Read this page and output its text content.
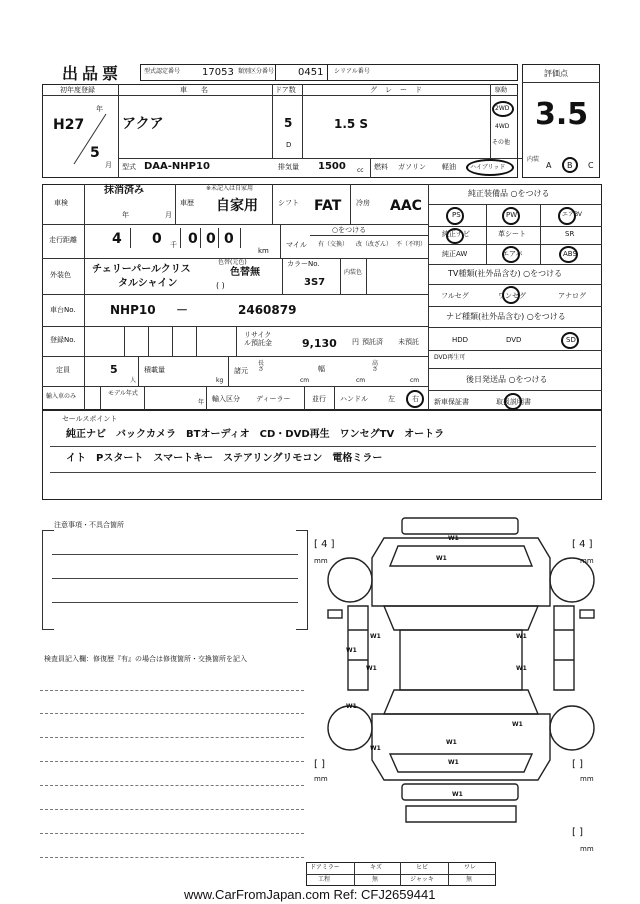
出品票	型式認定番号 17053 類別区分番号 0451 シリアル番号	評価点
3.5
初年度登録
年
H27
5
月
車名
アクア
ドア数
5
D
グレード
1.5 S
駆動
2WD
4WD
その他
型式 DAA-NHP10	排気量 1500 cc 燃料 ガソリン 軽油 ハイブリッド
内装
A B C
車検
抹消済み
年	月
車歴
※未記入は自家用
自家用	シフト FAT 冷房 AAC
走行距離	4 0 千 0 0 0
km
マイル
○をつける
有（交換） 改（改ざん） 不（不明）
外装色 チェリーパールクリス
タルシャイン
色替(元色)
色替無
( )
カラーNo.
3S7
内装色
車台No.	NHP10 －	2460879
登録No.
リサイクル預託金	9,130 円 預託済 未預託
定員	5
人
積載量
kg
諸元
長さ
cm
幅
cm
高さ
cm
輸入車のみ	モデル年式
年 輸入区分 ディーラー	並行 ハンドル	左 右
純正装備品 ○をつける
PS	PW	エアBV
純正ナビ	革シート	SR
純正AW	エアバ	ABS
TV種類(社外品含む) ○をつける
フルセグ	ワンセグ	アナログ
ナビ種類(社外品含む) ○をつける
HDD	DVD	SD
DVD再生可
後日発送品 ○をつける
新車保証書	取扱説明書
セールスポイント
純正ナビ　バックカメラ　BTオーディオ　CD・DVD再生　ワンセグTV　オートラ
イト　Pスタート　スマートキー　ステアリングリモコン　電格ミラー
注意事項・不具合箇所
検査員記入欄：修復歴『有』の場合は修復箇所・交換箇所を記入
[ 4 ]
mm
[ 4 ]
mm
[ ]
mm
[ ]
mm
[ ]
mm
W1
W1
W1	W1
W1
W1	W1
W1
W1
W1
W1
W1
W1
ドアミラー	キズ	ヒビ	ワレ
工程	無	ジャッキ	無
www.CarFromJapan.com Ref: CFJ2659441
